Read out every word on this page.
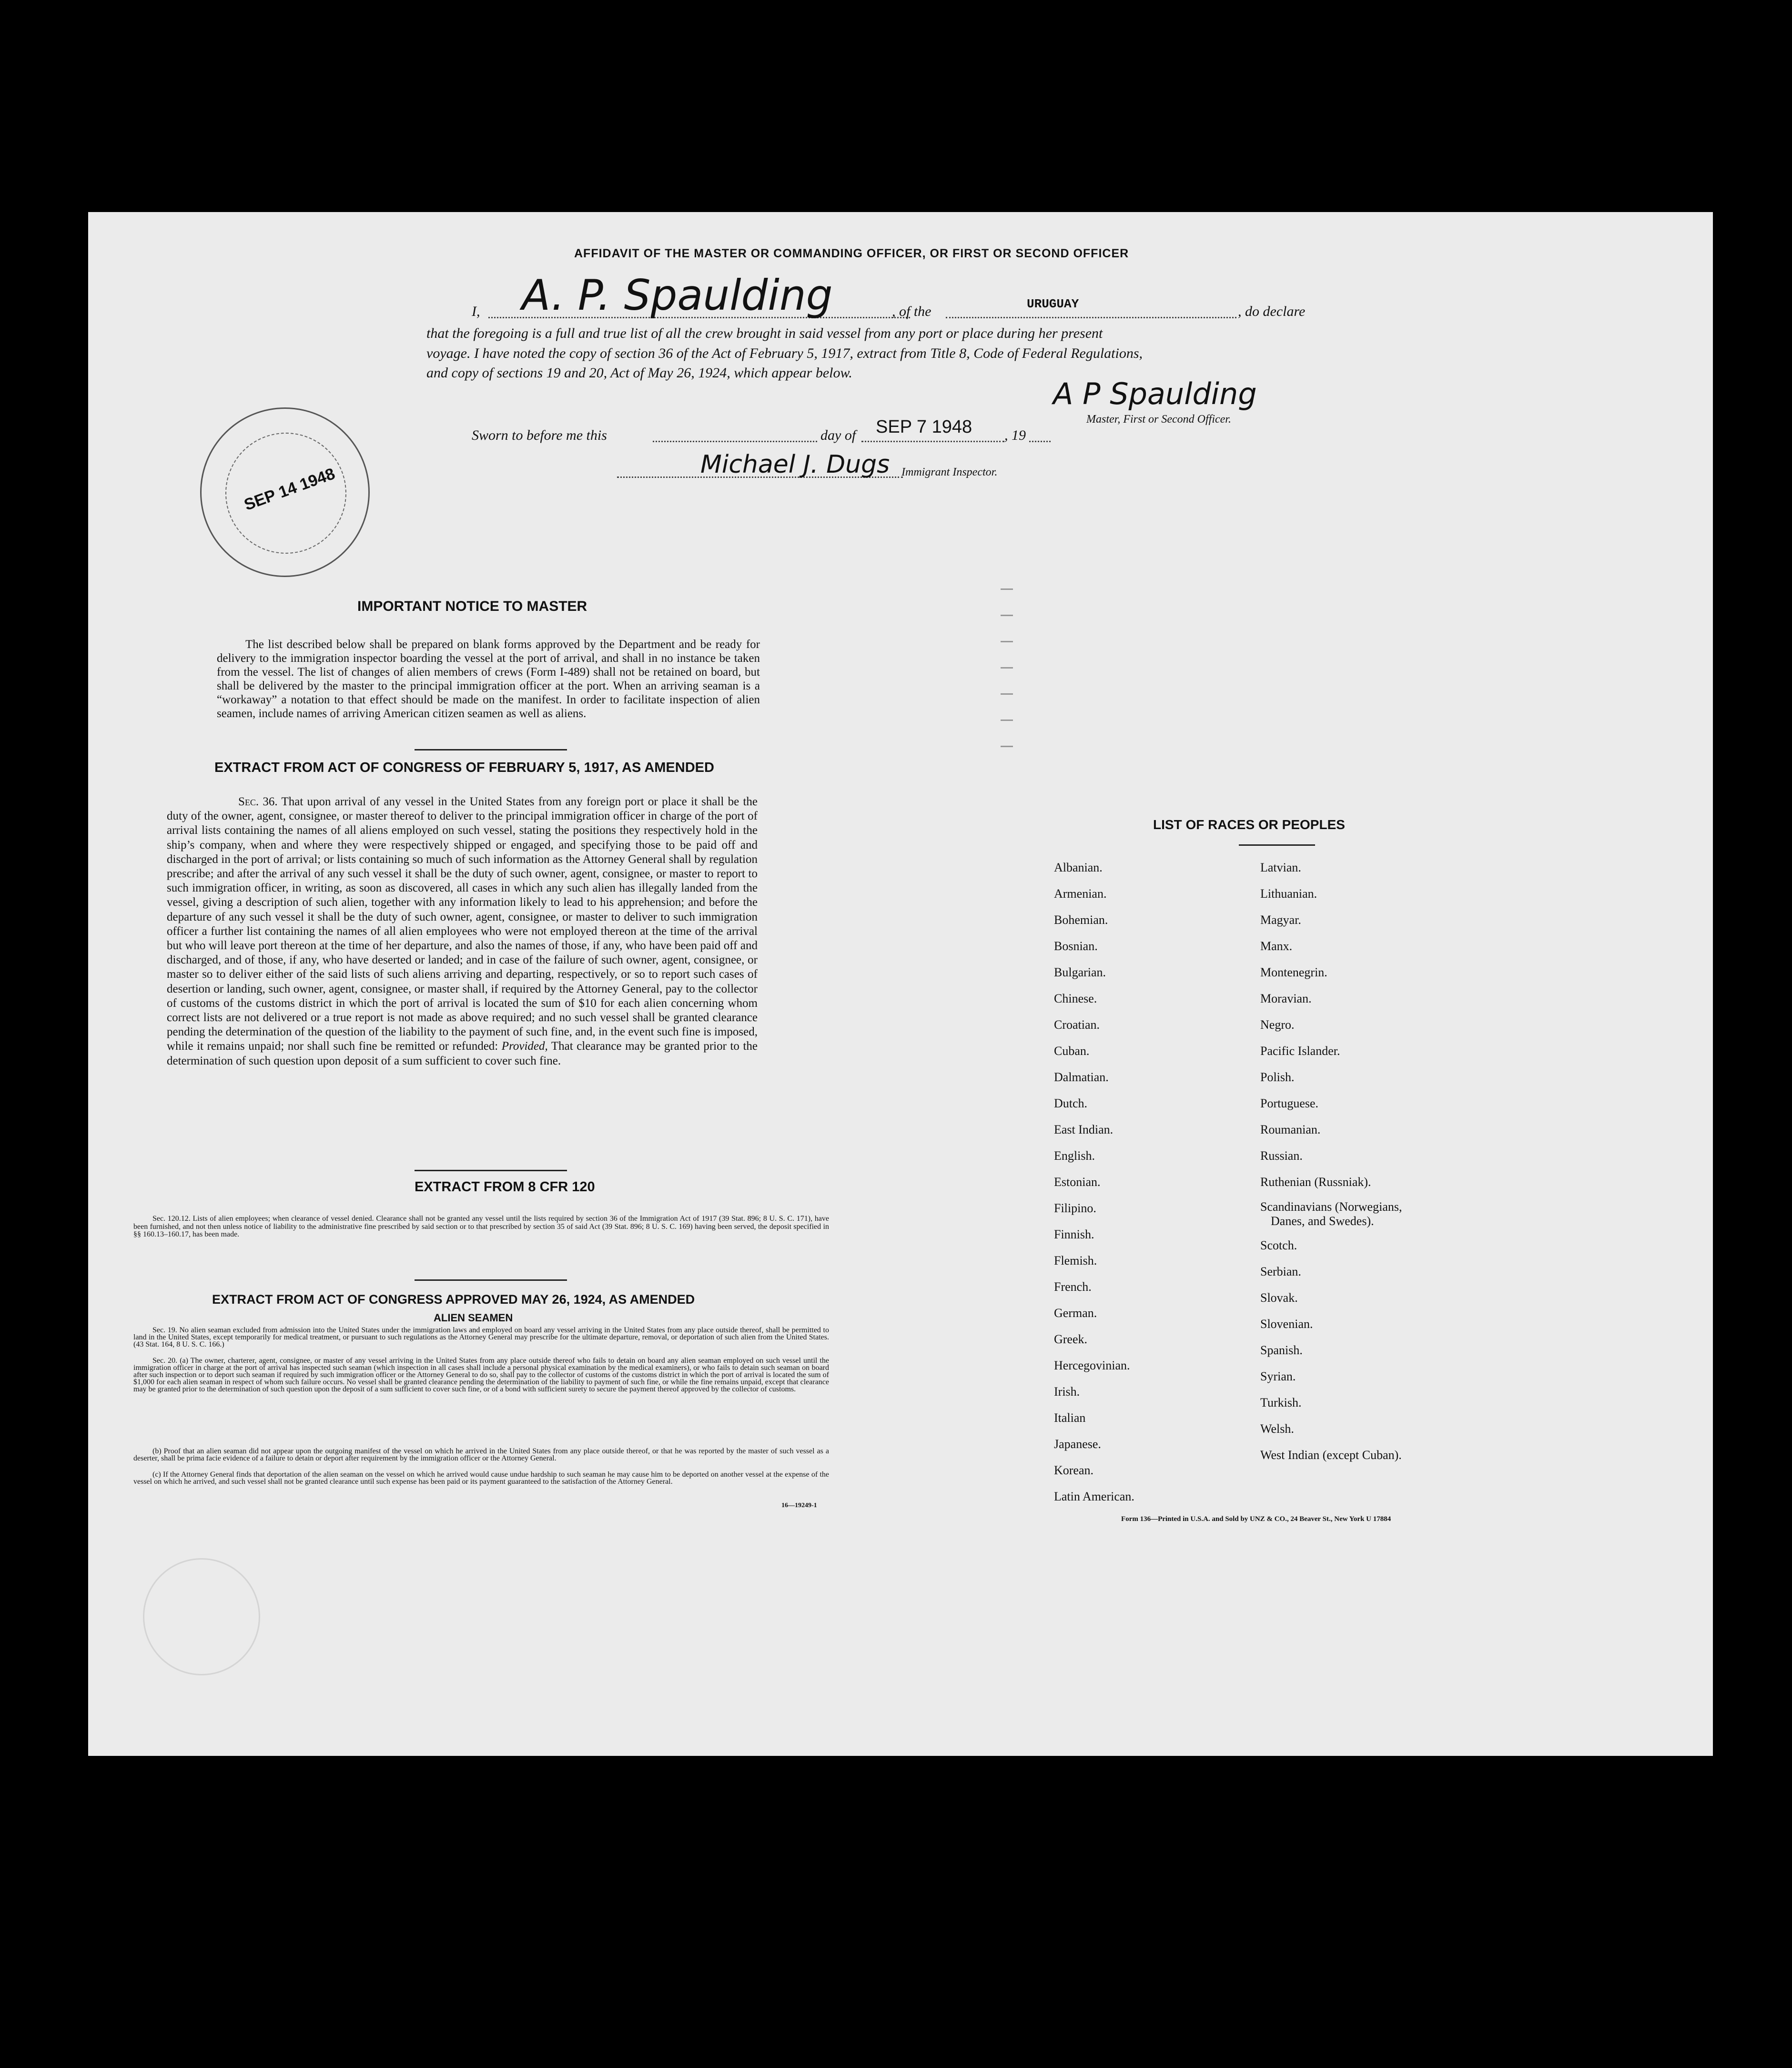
AFFIDAVIT OF THE MASTER OR COMMANDING OFFICER, OR FIRST OR SECOND OFFICER
I, A. P. Spaulding	, of the	URUGUAY	, do declare
that the foregoing is a full and true list of all the crew brought in said vessel from any port or place during her present
voyage. I have noted the copy of section 36 of the Act of February 5, 1917, extract from Title 8, Code of Federal Regulations,
and copy of sections 19 and 20, Act of May 26, 1924, which appear below.
A P Spaulding
Master, First or Second Officer.
Sworn to before me this	day of SEP 7 1948 , 19
Michael J. Dugs Immigrant Inspector.
SEP 14 1948
IMPORTANT NOTICE TO MASTER

The list described below shall be prepared on blank forms approved by the Department and be ready for delivery to the immigration inspector boarding the vessel at the port of arrival, and shall in no instance be taken from the vessel. The list of changes of alien members of crews (Form I-489) shall not be retained on board, but shall be delivered by the master to the principal immigration officer at the port. When an arriving seaman is a “workaway” a notation to that effect should be made on the manifest. In order to facilitate inspection of alien seamen, include names of arriving American citizen seamen as well as aliens.

EXTRACT FROM ACT OF CONGRESS OF FEBRUARY 5, 1917, AS AMENDED

Sec. 36. That upon arrival of any vessel in the United States from any foreign port or place it shall be the duty of the owner, agent, consignee, or master thereof to deliver to the principal immigration officer in charge of the port of arrival lists containing the names of all aliens employed on such vessel, stating the positions they respectively hold in the ship’s company, when and where they were respectively shipped or engaged, and specifying those to be paid off and discharged in the port of arrival; or lists containing so much of such information as the Attorney General shall by regulation prescribe; and after the arrival of any such vessel it shall be the duty of such owner, agent, consignee, or master to report to such immigration officer, in writing, as soon as discovered, all cases in which any such alien has illegally landed from the vessel, giving a description of such alien, together with any information likely to lead to his apprehension; and before the departure of any such vessel it shall be the duty of such owner, agent, consignee, or master to deliver to such immigration officer a further list containing the names of all alien employees who were not employed thereon at the time of the arrival but who will leave port thereon at the time of her departure, and also the names of those, if any, who have been paid off and discharged, and of those, if any, who have deserted or landed; and in case of the failure of such owner, agent, consignee, or master so to deliver either of the said lists of such aliens arriving and departing, respectively, or so to report such cases of desertion or landing, such owner, agent, consignee, or master shall, if required by the Attorney General, pay to the collector of customs of the customs district in which the port of arrival is located the sum of $10 for each alien concerning whom correct lists are not delivered or a true report is not made as above required; and no such vessel shall be granted clearance pending the determination of the question of the liability to the payment of such fine, and, in the event such fine is imposed, while it remains unpaid; nor shall such fine be remitted or refunded: Provided, That clearance may be granted prior to the determination of such question upon deposit of a sum sufficient to cover such fine.

EXTRACT FROM 8 CFR 120

Sec. 120.12. Lists of alien employees; when clearance of vessel denied. Clearance shall not be granted any vessel until the lists required by section 36 of the Immigration Act of 1917 (39 Stat. 896; 8 U. S. C. 171), have been furnished, and not then unless notice of liability to the administrative fine prescribed by said section or to that prescribed by section 35 of said Act (39 Stat. 896; 8 U. S. C. 169) having been served, the deposit specified in §§ 160.13–160.17, has been made.

EXTRACT FROM ACT OF CONGRESS APPROVED MAY 26, 1924, AS AMENDED
ALIEN SEAMEN

Sec. 19. No alien seaman excluded from admission into the United States under the immigration laws and employed on board any vessel arriving in the United States from any place outside thereof, shall be permitted to land in the United States, except temporarily for medical treatment, or pursuant to such regulations as the Attorney General may prescribe for the ultimate departure, removal, or deportation of such alien from the United States. (43 Stat. 164, 8 U. S. C. 166.)

Sec. 20. (a) The owner, charterer, agent, consignee, or master of any vessel arriving in the United States from any place outside thereof who fails to detain on board any alien seaman employed on such vessel until the immigration officer in charge at the port of arrival has inspected such seaman (which inspection in all cases shall include a personal physical examination by the medical examiners), or who fails to detain such seaman on board after such inspection or to deport such seaman if required by such immigration officer or the Attorney General to do so, shall pay to the collector of customs of the customs district in which the port of arrival is located the sum of $1,000 for each alien seaman in respect of whom such failure occurs. No vessel shall be granted clearance pending the determination of the liability to payment of such fine, or while the fine remains unpaid, except that clearance may be granted prior to the determination of such question upon the deposit of a sum sufficient to cover such fine, or of a bond with sufficient surety to secure the payment thereof approved by the collector of customs.

(b) Proof that an alien seaman did not appear upon the outgoing manifest of the vessel on which he arrived in the United States from any place outside thereof, or that he was reported by the master of such vessel as a deserter, shall be prima facie evidence of a failure to detain or deport after requirement by the immigration officer or the Attorney General.

(c) If the Attorney General finds that deportation of the alien seaman on the vessel on which he arrived would cause undue hardship to such seaman he may cause him to be deported on another vessel at the expense of the vessel on which he arrived, and such vessel shall not be granted clearance until such expense has been paid or its payment guaranteed to the satisfaction of the Attorney General.

16—19249-1
LIST OF RACES OR PEOPLES
Albanian.
Armenian.
Bohemian.
Bosnian.
Bulgarian.
Chinese.
Croatian.
Cuban.
Dalmatian.
Dutch.
East Indian.
English.
Estonian.
Filipino.
Finnish.
Flemish.
French.
German.
Greek.
Hercegovinian.
Irish.
Italian
Japanese.
Korean.
Latin American.
Latvian.
Lithuanian.
Magyar.
Manx.
Montenegrin.
Moravian.
Negro.
Pacific Islander.
Polish.
Portuguese.
Roumanian.
Russian.
Ruthenian (Russniak).
Scandinavians (Norwegians,
Danes, and Swedes).
Scotch.
Serbian.
Slovak.
Slovenian.
Spanish.
Syrian.
Turkish.
Welsh.
West Indian (except Cuban).
Form 136—Printed in U.S.A. and Sold by UNZ & CO., 24 Beaver St., New York U 17884
